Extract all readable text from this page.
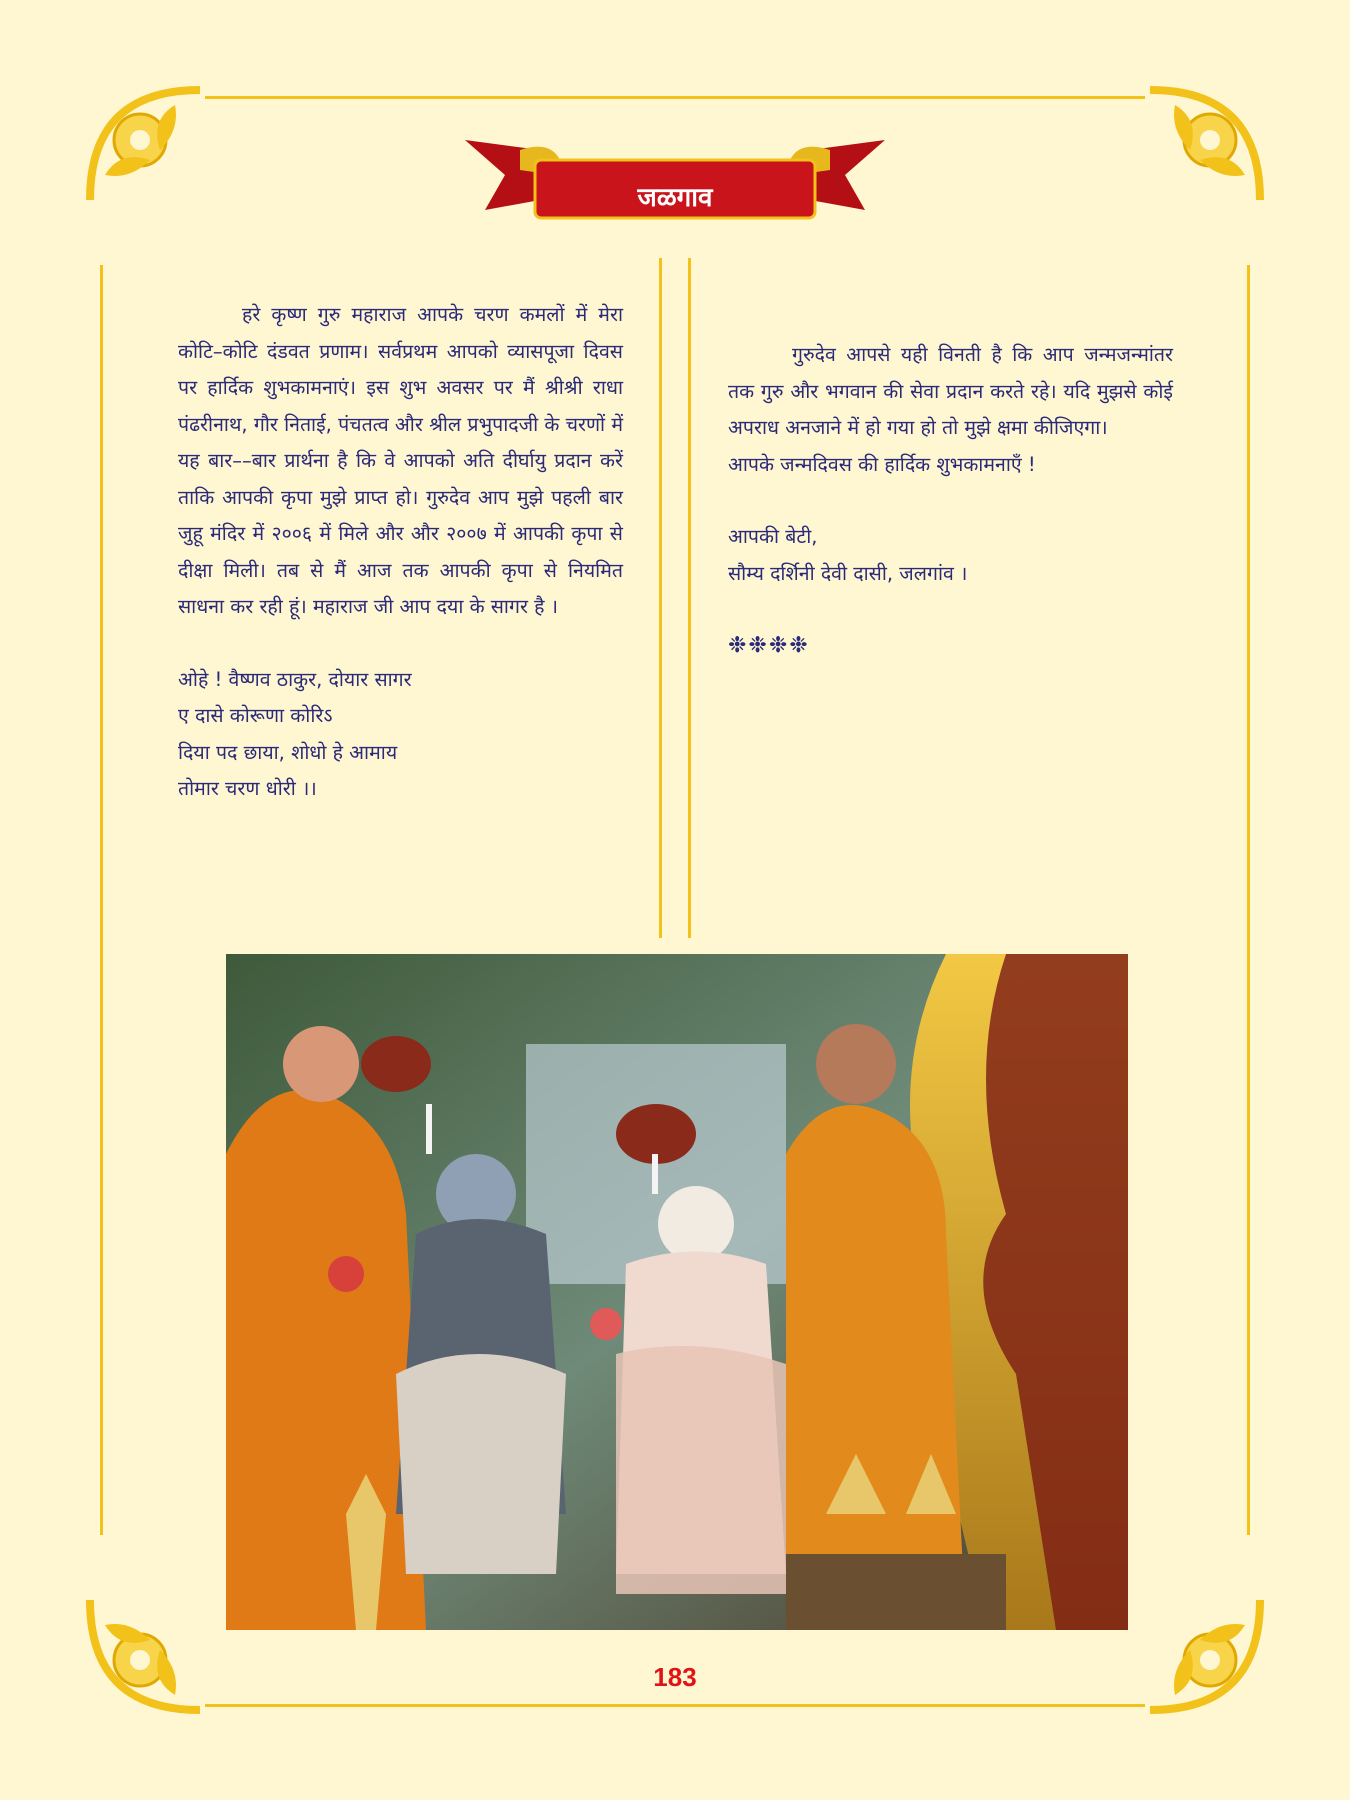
जळगाव

हरे कृष्ण गुरु महाराज आपके चरण कमलों में मेरा कोटि–कोटि दंडवत प्रणाम। सर्वप्रथम आपको व्यासपूजा दिवस पर हार्दिक शुभकामनाएं। इस शुभ अवसर पर मैं श्रीश्री राधा पंढरीनाथ, गौर निताई, पंचतत्व और श्रील प्रभुपादजी के चरणों में यह बार––बार प्रार्थना है कि वे आपको अति दीर्घायु प्रदान करें ताकि आपकी कृपा मुझे प्राप्त हो। गुरुदेव आप मुझे पहली बार जुहू मंदिर में २००६ में मिले और और २००७ में आपकी कृपा से दीक्षा मिली। तब से मैं आज तक आपकी कृपा से नियमित साधना कर रही हूं। महाराज जी आप दया के सागर है ।

ओहे ! वैष्णव ठाकुर, दोयार सागर

ए दासे कोरूणा कोरिऽ

दिया पद छाया, शोधो हे आमाय

तोमार चरण धोरी ।।

गुरुदेव आपसे यही विनती है कि आप जन्मजन्मांतर तक गुरु और भगवान की सेवा प्रदान करते रहे। यदि मुझसे कोई अपराध अनजाने में हो गया हो तो मुझे क्षमा कीजिएगा।

आपके जन्मदिवस की हार्दिक शुभकामनाएँ !

आपकी बेटी,

सौम्य दर्शिनी देवी दासी, जलगांव ।

❉❉❉❉

183
